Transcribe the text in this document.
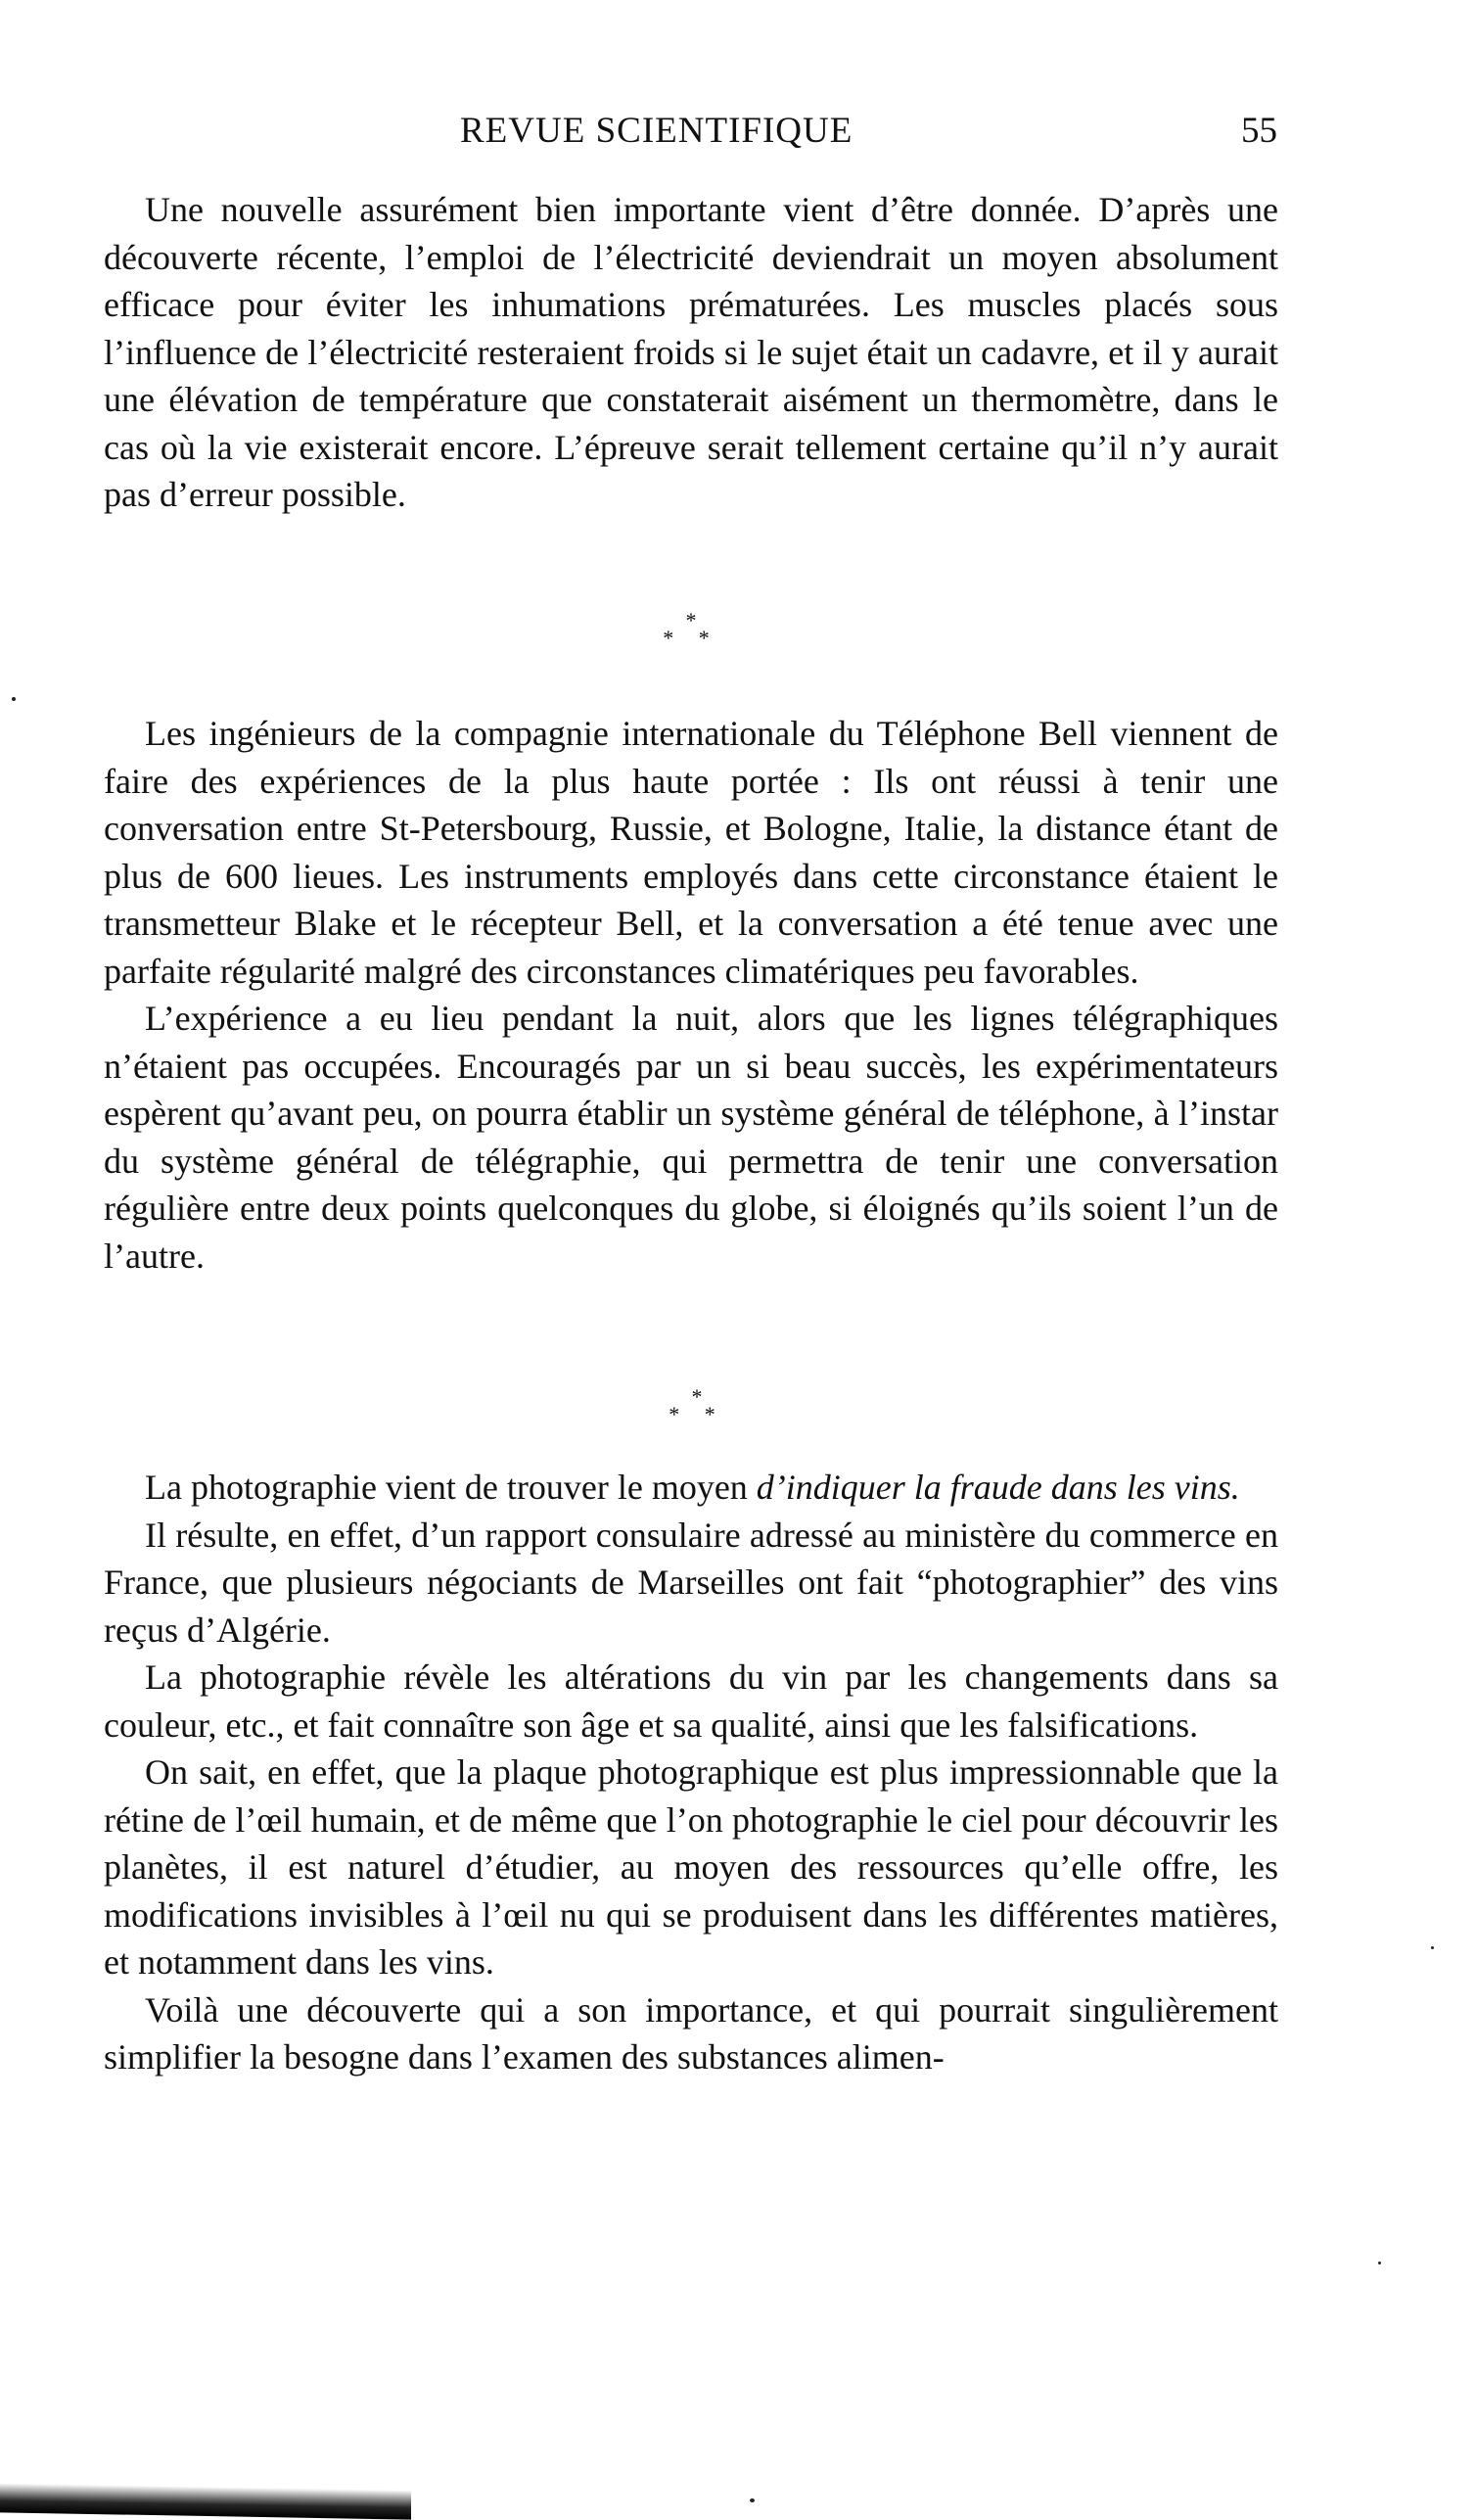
REVUE SCIENTIFIQUE	55

Une nouvelle assurément bien importante vient d’être donnée. D’après une découverte récente, l’emploi de l’électricité deviendrait un moyen absolument efficace pour éviter les inhumations prématurées. Les muscles placés sous l’influence de l’électricité resteraient froids si le sujet était un cadavre, et il y aurait une élévation de température que constaterait aisément un thermomètre, dans le cas où la vie existerait encore. L’épreuve serait tellement certaine qu’il n’y aurait pas d’erreur possible.

*
* *

Les ingénieurs de la compagnie internationale du Téléphone Bell viennent de faire des expériences de la plus haute portée : Ils ont réussi à tenir une conversation entre St-Petersbourg, Russie, et Bologne, Italie, la distance étant de plus de 600 lieues. Les instruments employés dans cette circonstance étaient le transmetteur Blake et le récepteur Bell, et la conversation a été tenue avec une parfaite régularité malgré des circonstances climatériques peu favorables.

L’expérience a eu lieu pendant la nuit, alors que les lignes télégraphiques n’étaient pas occupées. Encouragés par un si beau succès, les expérimentateurs espèrent qu’avant peu, on pourra établir un système général de téléphone, à l’instar du système général de télégraphie, qui permettra de tenir une conversation régulière entre deux points quelconques du globe, si éloignés qu’ils soient l’un de l’autre.

*
* *

La photographie vient de trouver le moyen d’indiquer la fraude dans les vins.

Il résulte, en effet, d’un rapport consulaire adressé au ministère du commerce en France, que plusieurs négociants de Marseilles ont fait “photographier” des vins reçus d’Algérie.

La photographie révèle les altérations du vin par les changements dans sa couleur, etc., et fait connaître son âge et sa qualité, ainsi que les falsifications.

On sait, en effet, que la plaque photographique est plus impressionnable que la rétine de l’œil humain, et de même que l’on photographie le ciel pour découvrir les planètes, il est naturel d’étudier, au moyen des ressources qu’elle offre, les modifications invisibles à l’œil nu qui se produisent dans les différentes matières, et notamment dans les vins.

Voilà une découverte qui a son importance, et qui pourrait singulièrement simplifier la besogne dans l’examen des substances alimen-
